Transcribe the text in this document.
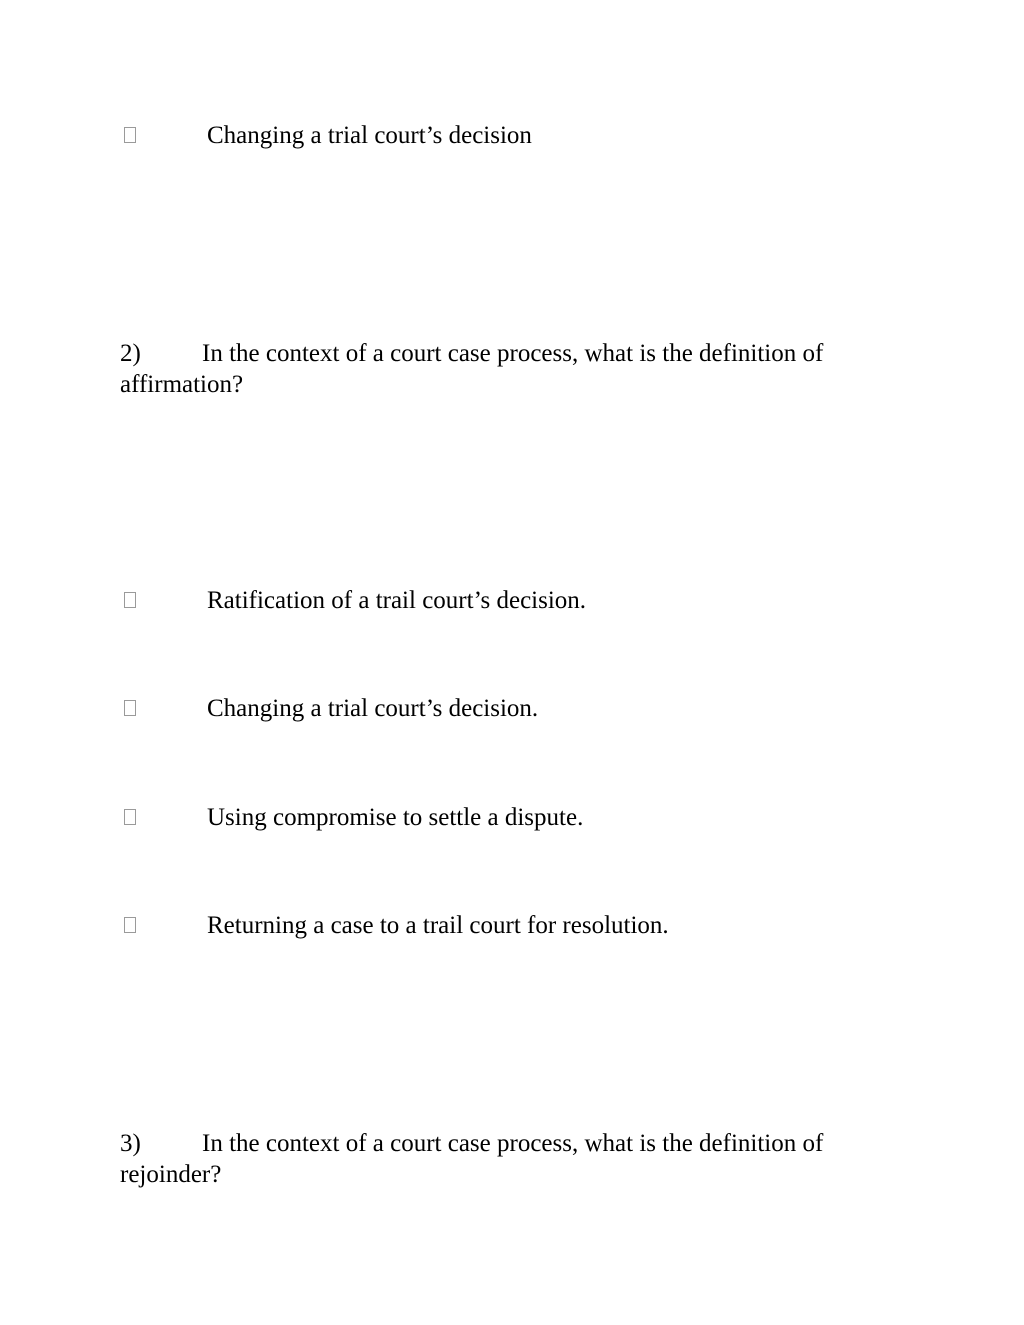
Changing a trial court’s decision
2) In the context of a court case process, what is the definition of
affirmation?
Ratification of a trail court’s decision.
Changing a trial court’s decision.
Using compromise to settle a dispute.
Returning a case to a trail court for resolution.
3) In the context of a court case process, what is the definition of
rejoinder?
